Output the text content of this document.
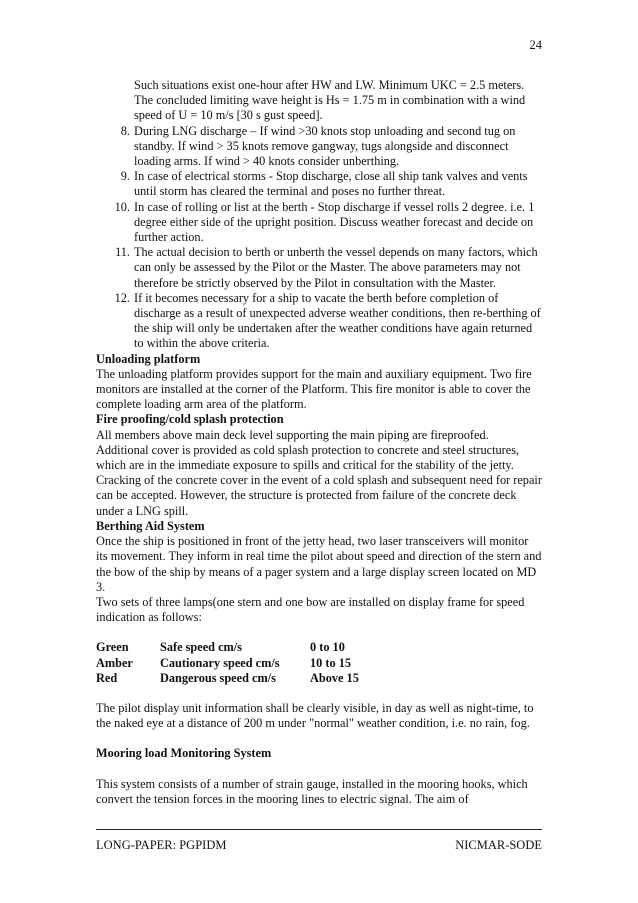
24
Such situations exist one-hour after HW and LW. Minimum UKC = 2.5 meters. The concluded limiting wave height is Hs = 1.75 m in combination with a wind speed of U = 10 m/s [30 s gust speed].
8. During LNG discharge – If wind >30 knots stop unloading and second tug on standby. If wind > 35 knots remove gangway, tugs alongside and disconnect loading arms. If wind > 40 knots consider unberthing.
9. In case of electrical storms - Stop discharge, close all ship tank valves and vents until storm has cleared the terminal and poses no further threat.
10. In case of rolling or list at the berth - Stop discharge if vessel rolls 2 degree. i.e. 1 degree either side of the upright position. Discuss weather forecast and decide on further action.
11. The actual decision to berth or unberth the vessel depends on many factors, which can only be assessed by the Pilot or the Master. The above parameters may not therefore be strictly observed by the Pilot in consultation with the Master.
12. If it becomes necessary for a ship to vacate the berth before completion of discharge as a result of unexpected adverse weather conditions, then re-berthing of the ship will only be undertaken after the weather conditions have again returned to within the above criteria.
Unloading platform
The unloading platform provides support for the main and auxiliary equipment. Two fire monitors are installed at the corner of the Platform. This fire monitor is able to cover the complete loading arm area of the platform.
Fire proofing/cold splash protection
All members above main deck level supporting the main piping are fireproofed. Additional cover is provided as cold splash protection to concrete and steel structures, which are in the immediate exposure to spills and critical for the stability of the jetty. Cracking of the concrete cover in the event of a cold splash and subsequent need for repair can be accepted. However, the structure is protected from failure of the concrete deck under a LNG spill.
Berthing Aid System
Once the ship is positioned in front of the jetty head, two laser transceivers will monitor its movement. They inform in real time the pilot about speed and direction of the stern and the bow of the ship by means of a pager system and a large display screen located on MD 3.
Two sets of three lamps(one stern and one bow are installed on display frame for speed indication as follows:
Green	Safe speed cm/s	0 to 10
Amber	Cautionary speed cm/s	10 to 15
Red	Dangerous speed cm/s	Above 15
The pilot display unit information shall be clearly visible, in day as well as night-time, to the naked eye at a distance of 200 m under "normal" weather condition, i.e. no rain, fog.
Mooring load Monitoring System
This system consists of a number of strain gauge, installed in the mooring hooks, which convert the tension forces in the mooring lines to electric signal. The aim of
LONG-PAPER: PGPIDM	NICMAR-SODE
